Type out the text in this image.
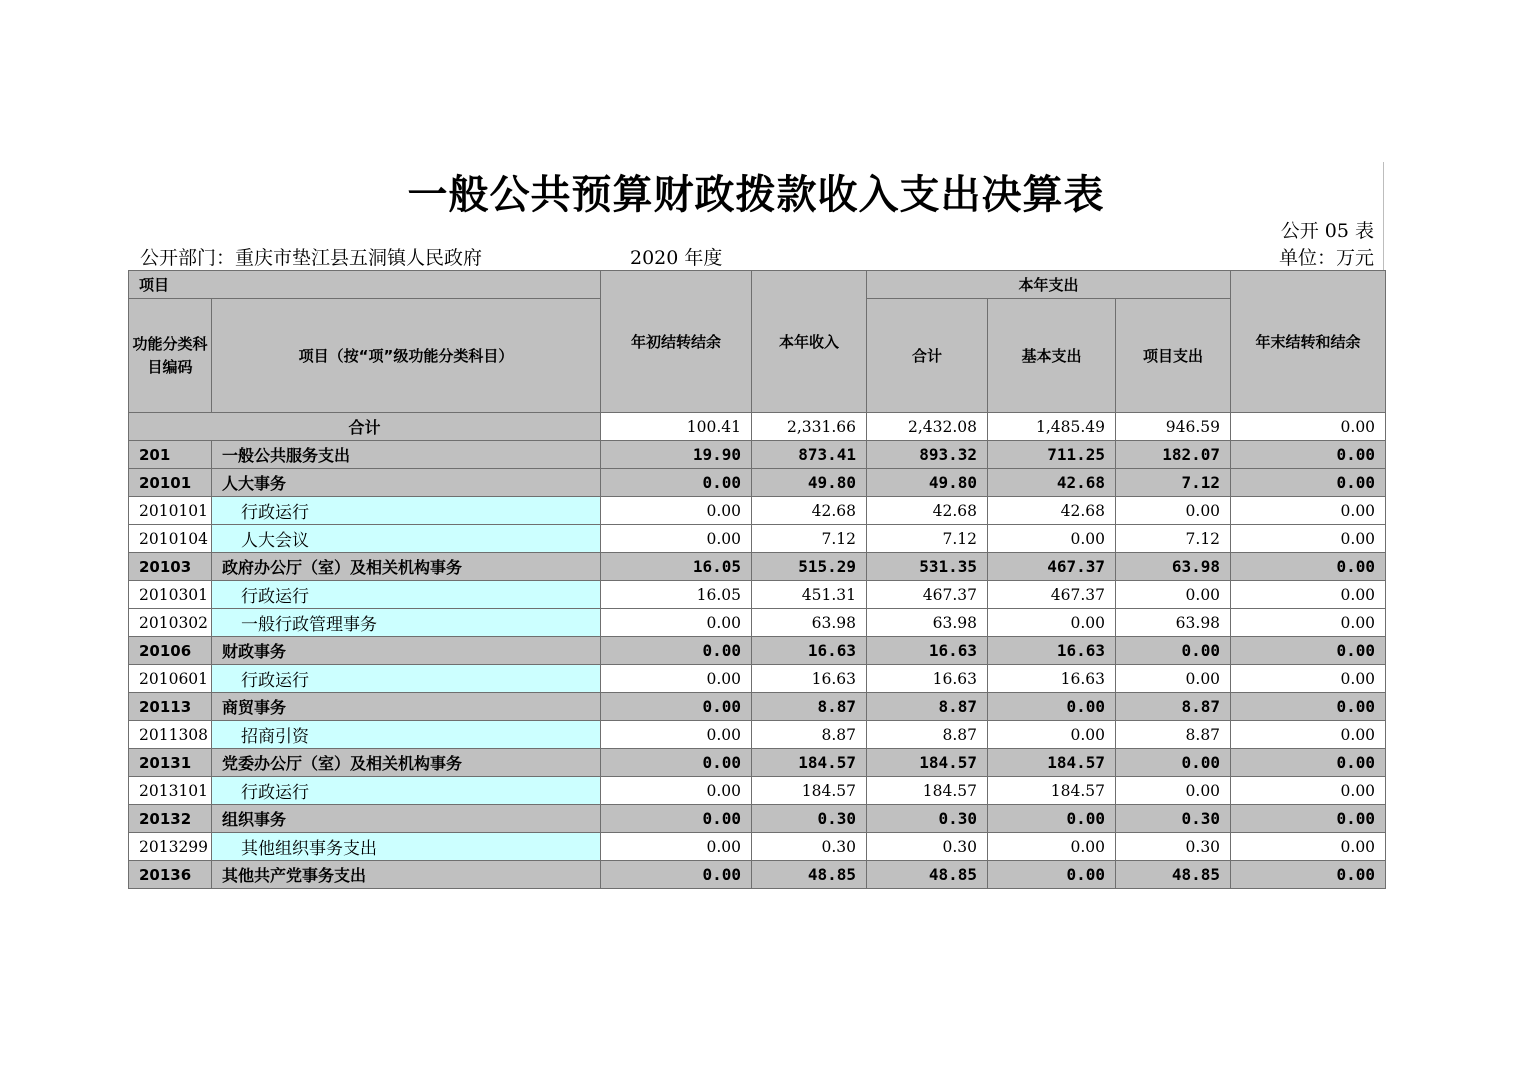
一般公共预算财政拨款收入支出决算表
公开 05 表
公开部门：重庆市垫江县五洞镇人民政府	2020 年度	单位：万元
项目		年初结转结余	本年收入	本年支出			年末结转和结余
功能分类科目编码	项目（按“项”级功能分类科目）			合计	基本支出	项目支出	
合计		100.41	2,331.66	2,432.08	1,485.49	946.59	0.00
201	一般公共服务支出	19.90	873.41	893.32	711.25	182.07	0.00
20101	人大事务	0.00	49.80	49.80	42.68	7.12	0.00
2010101	行政运行	0.00	42.68	42.68	42.68	0.00	0.00
2010104	人大会议	0.00	7.12	7.12	0.00	7.12	0.00
20103	政府办公厅（室）及相关机构事务	16.05	515.29	531.35	467.37	63.98	0.00
2010301	行政运行	16.05	451.31	467.37	467.37	0.00	0.00
2010302	一般行政管理事务	0.00	63.98	63.98	0.00	63.98	0.00
20106	财政事务	0.00	16.63	16.63	16.63	0.00	0.00
2010601	行政运行	0.00	16.63	16.63	16.63	0.00	0.00
20113	商贸事务	0.00	8.87	8.87	0.00	8.87	0.00
2011308	招商引资	0.00	8.87	8.87	0.00	8.87	0.00
20131	党委办公厅（室）及相关机构事务	0.00	184.57	184.57	184.57	0.00	0.00
2013101	行政运行	0.00	184.57	184.57	184.57	0.00	0.00
20132	组织事务	0.00	0.30	0.30	0.00	0.30	0.00
2013299	其他组织事务支出	0.00	0.30	0.30	0.00	0.30	0.00
20136	其他共产党事务支出	0.00	48.85	48.85	0.00	48.85	0.00
